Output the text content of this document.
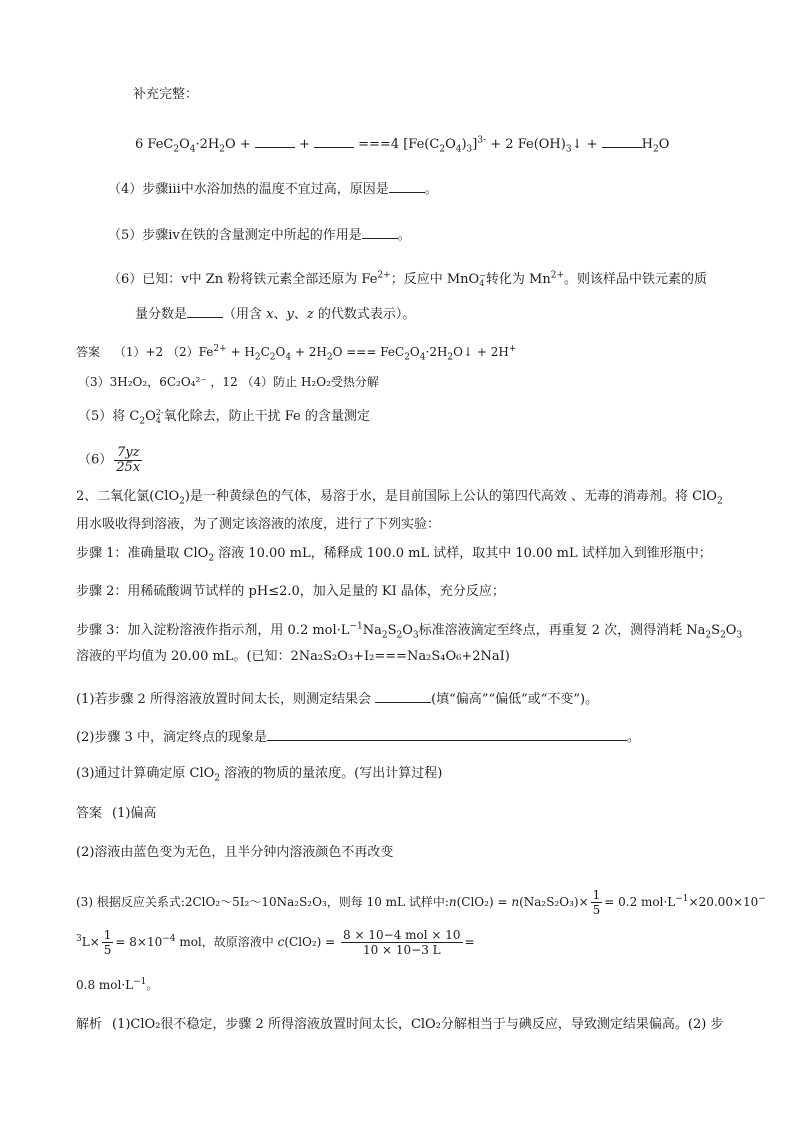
补充完整：
6 $FeC_2O_4\cdot 2H_2O$ +	+	===4 $[Fe(C_2O_4)_3]^{3-} + 2$ $Fe(OH)_3↓$ +	$H_2O$
（4）步骤ⅲ中水浴加热的温度不宜过高，原因是	。
（5）步骤ⅳ在铁的含量测定中所起的作用是	。
（6）已知：ⅴ中 Zn 粉将铁元素全部还原为 $Fe^{2+}$；反应中 MnO −
4 转化为 $Mn^{2+}$。则该样品中铁元素的质
量分数是	（用含 x、y、z 的代数式表示）。
答案 （1）+2 $(2)Fe^{2+} + H_2C_2O_4 + 2H_2O$ === $FeC_2O_4\cdot 2H_2O↓ + 2H^+$
（3）3H₂O₂，6C₂O₄²⁻ ，12 （4）防止 H₂O₂受热分解
（5）将 $C_2O$ 2-
4 氧化除去，防止干扰 Fe 的含量测定
$(6) \frac{7yz}{25x}$
2、二氧化氯(ClO$_2$)是一种黄绿色的气体，易溶于水，是目前国际上公认的第四代高效 、无毒的消毒剂。将 ClO$_2$
用水吸收得到溶液，为了测定该溶液的浓度，进行了下列实验：
步骤 1：准确量取 ClO$_2$ 溶液 10.00 mL，稀释成 100.0 mL 试样，取其中 10.00 mL 试样加入到锥形瓶中；
步骤 2：用稀硫酸调节试样的 pH≤2.0，加入足量的 KI 晶体，充分反应；
步骤 3：加入淀粉溶液作指示剂，用 0.2 $mol\cdot L^{-1}Na_2S_2O_3$标准溶液滴定至终点，再重复 2 次，测得消耗 $Na_2S_2O_3$
溶液的平均值为 20.00 mL。(已知：2Na₂S₂O₃+I₂===Na₂S₄O₆+2NaI)
(1)若步骤 2 所得溶液放置时间太长，则测定结果会	(填“偏高”“偏低”或“不变”)。
(2)步骤 3 中，滴定终点的现象是	。
(3)通过计算确定原 ClO$_2$ 溶液的物质的量浓度。(写出计算过程)
答案 (1)偏高
(2)溶液由蓝色变为无色，且半分钟内溶液颜色不再改变
(3) 根据反应关系式:2ClO₂～5I₂～10Na₂S₂O₃，则每 10 mL 试样中:n(ClO₂) = $n(Na_2S_2O_3)\times \frac{1}{5} = 0.2$ $mol\cdot L^{-1}\times 20.00\times 10^-$
$^3L\times \frac{1}{5} = 8\times 10^{-4}$ mol，故原溶液中 $c(ClO_2) = \frac{\text{8 × 10−4 mol × 10}}{10 \times 10-3 L}$ =
0.8 $mol\cdot L^{-1}$。
解析 (1)ClO₂很不稳定，步骤 2 所得溶液放置时间太长，ClO₂分解相当于与碘反应，导致测定结果偏高。(2) 步
